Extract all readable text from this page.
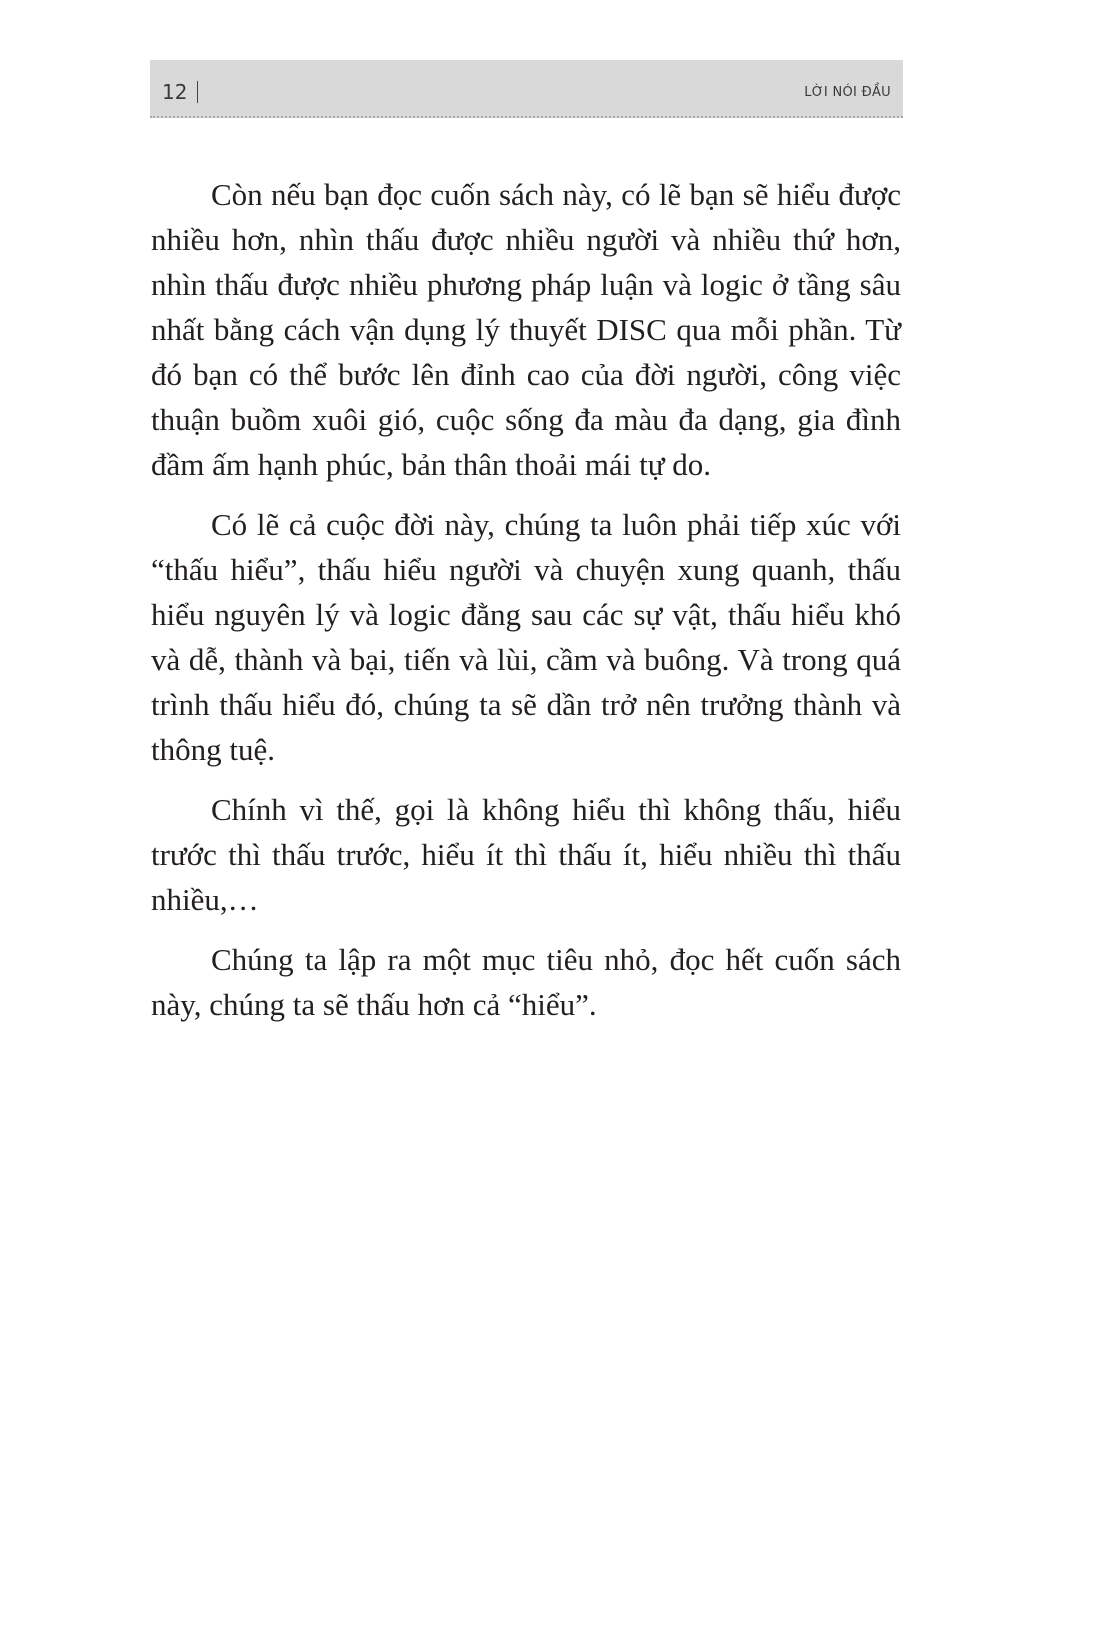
12	LỜI NÓI ĐẦU

Còn nếu bạn đọc cuốn sách này, có lẽ bạn sẽ hiểu được nhiều hơn, nhìn thấu được nhiều người và nhiều thứ hơn, nhìn thấu được nhiều phương pháp luận và logic ở tầng sâu nhất bằng cách vận dụng lý thuyết DISC qua mỗi phần. Từ đó bạn có thể bước lên đỉnh cao của đời người, công việc thuận buồm xuôi gió, cuộc sống đa màu đa dạng, gia đình đầm ấm hạnh phúc, bản thân thoải mái tự do.

Có lẽ cả cuộc đời này, chúng ta luôn phải tiếp xúc với “thấu hiểu”, thấu hiểu người và chuyện xung quanh, thấu hiểu nguyên lý và logic đằng sau các sự vật, thấu hiểu khó và dễ, thành và bại, tiến và lùi, cầm và buông. Và trong quá trình thấu hiểu đó, chúng ta sẽ dần trở nên trưởng thành và thông tuệ.

Chính vì thế, gọi là không hiểu thì không thấu, hiểu trước thì thấu trước, hiểu ít thì thấu ít, hiểu nhiều thì thấu nhiều,…

Chúng ta lập ra một mục tiêu nhỏ, đọc hết cuốn sách này, chúng ta sẽ thấu hơn cả “hiểu”.
